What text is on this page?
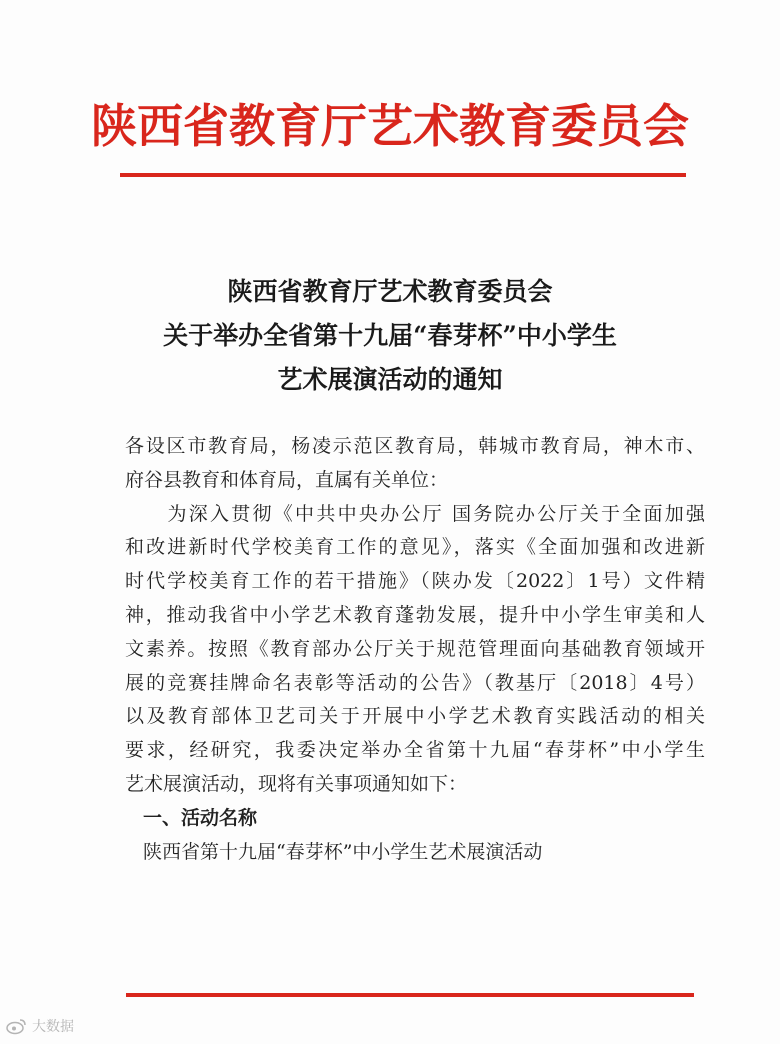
陕西省教育厅艺术教育委员会
陕西省教育厅艺术教育委员会
关于举办全省第十九届“春芽杯”中小学生
艺术展演活动的通知
各设区市教育局，杨凌示范区教育局，韩城市教育局，神木市、
府谷县教育和体育局，直属有关单位：
　　为深入贯彻《中共中央办公厅 国务院办公厅关于全面加强
和改进新时代学校美育工作的意见》，落实《全面加强和改进新
时代学校美育工作的若干措施》（陕办发〔2022〕1号）文件精
神，推动我省中小学艺术教育蓬勃发展，提升中小学生审美和人
文素养。按照《教育部办公厅关于规范管理面向基础教育领域开
展的竞赛挂牌命名表彰等活动的公告》（教基厅〔2018〕4号）
以及教育部体卫艺司关于开展中小学艺术教育实践活动的相关
要求，经研究，我委决定举办全省第十九届“春芽杯”中小学生
艺术展演活动，现将有关事项通知如下：
一、活动名称
陕西省第十九届“春芽杯”中小学生艺术展演活动
大数据
